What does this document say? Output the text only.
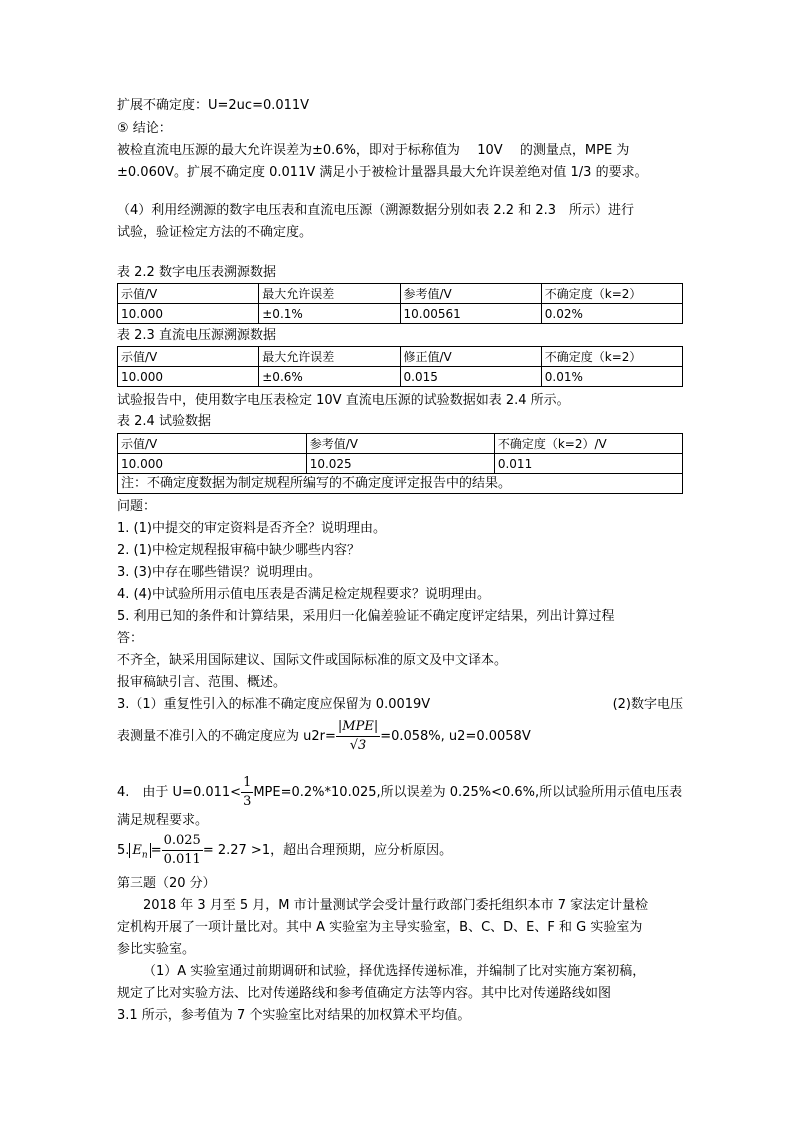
扩展不确定度：U=2uc=0.011V
⑤ 结论：
被检直流电压源的最大允许误差为±0.6%，即对于标称值为 10V 的测量点，MPE 为
±0.060V。扩展不确定度 0.011V 满足小于被检计量器具最大允许误差绝对值 1/3 的要求。
（4）利用经溯源的数字电压表和直流电压源（溯源数据分别如表 2.2 和 2.3　所示）进行
试验，验证检定方法的不确定度。
表 2.2 数字电压表溯源数据
示值/V	最大允许误差	参考值/V	不确定度（k=2）
10.000	±0.1%	10.00561	0.02%
表 2.3 直流电压源溯源数据
示值/V	最大允许误差	修正值/V	不确定度（k=2）
10.000	±0.6%	0.015	0.01%
试验报告中，使用数字电压表检定 10V 直流电压源的试验数据如表 2.4 所示。
表 2.4 试验数据
示值/V	参考值/V	不确定度（k=2）/V
10.000	10.025	0.011
注：不确定度数据为制定规程所编写的不确定度评定报告中的结果。		
问题：
1. (1)中提交的审定资料是否齐全？说明理由。
2. (1)中检定规程报审稿中缺少哪些内容？
3. (3)中存在哪些错误？说明理由。
4. (4)中试验所用示值电压表是否满足检定规程要求？说明理由。
5. 利用已知的条件和计算结果，采用归一化偏差验证不确定度评定结果，列出计算过程
答：
不齐全，缺采用国际建议、国际文件或国际标准的原文及中文译本。
报审稿缺引言、范围、概述。
3.（1）重复性引入的标准不确定度应保留为 0.0019V	(2)数字电压
表测量不准引入的不确定度应为 $u2r= \frac{\text{|MPE|}}{√3} =0.058\%$, u2=0.0058V
4.　由于 $U=0.011< \frac{1}{3} MPE=0.2\%*10.025$,所以误差为 0.25%<0.6%,所以试验所用示值电压表
满足规程要求。
5. $E_n = \frac{0.025}{0.011} = 2.27 >1$，超出合理预期，应分析原因。
第三题（20 分）
2018 年 3 月至 5 月，M 市计量测试学会受计量行政部门委托组织本市 7 家法定计量检
定机构开展了一项计量比对。其中 A 实验室为主导实验室，B、C、D、E、F 和 G 实验室为
参比实验室。
（1）A 实验室通过前期调研和试验，择优选择传递标准，并编制了比对实施方案初稿，
规定了比对实验方法、比对传递路线和参考值确定方法等内容。其中比对传递路线如图
3.1 所示，参考值为 7 个实验室比对结果的加权算术平均值。
